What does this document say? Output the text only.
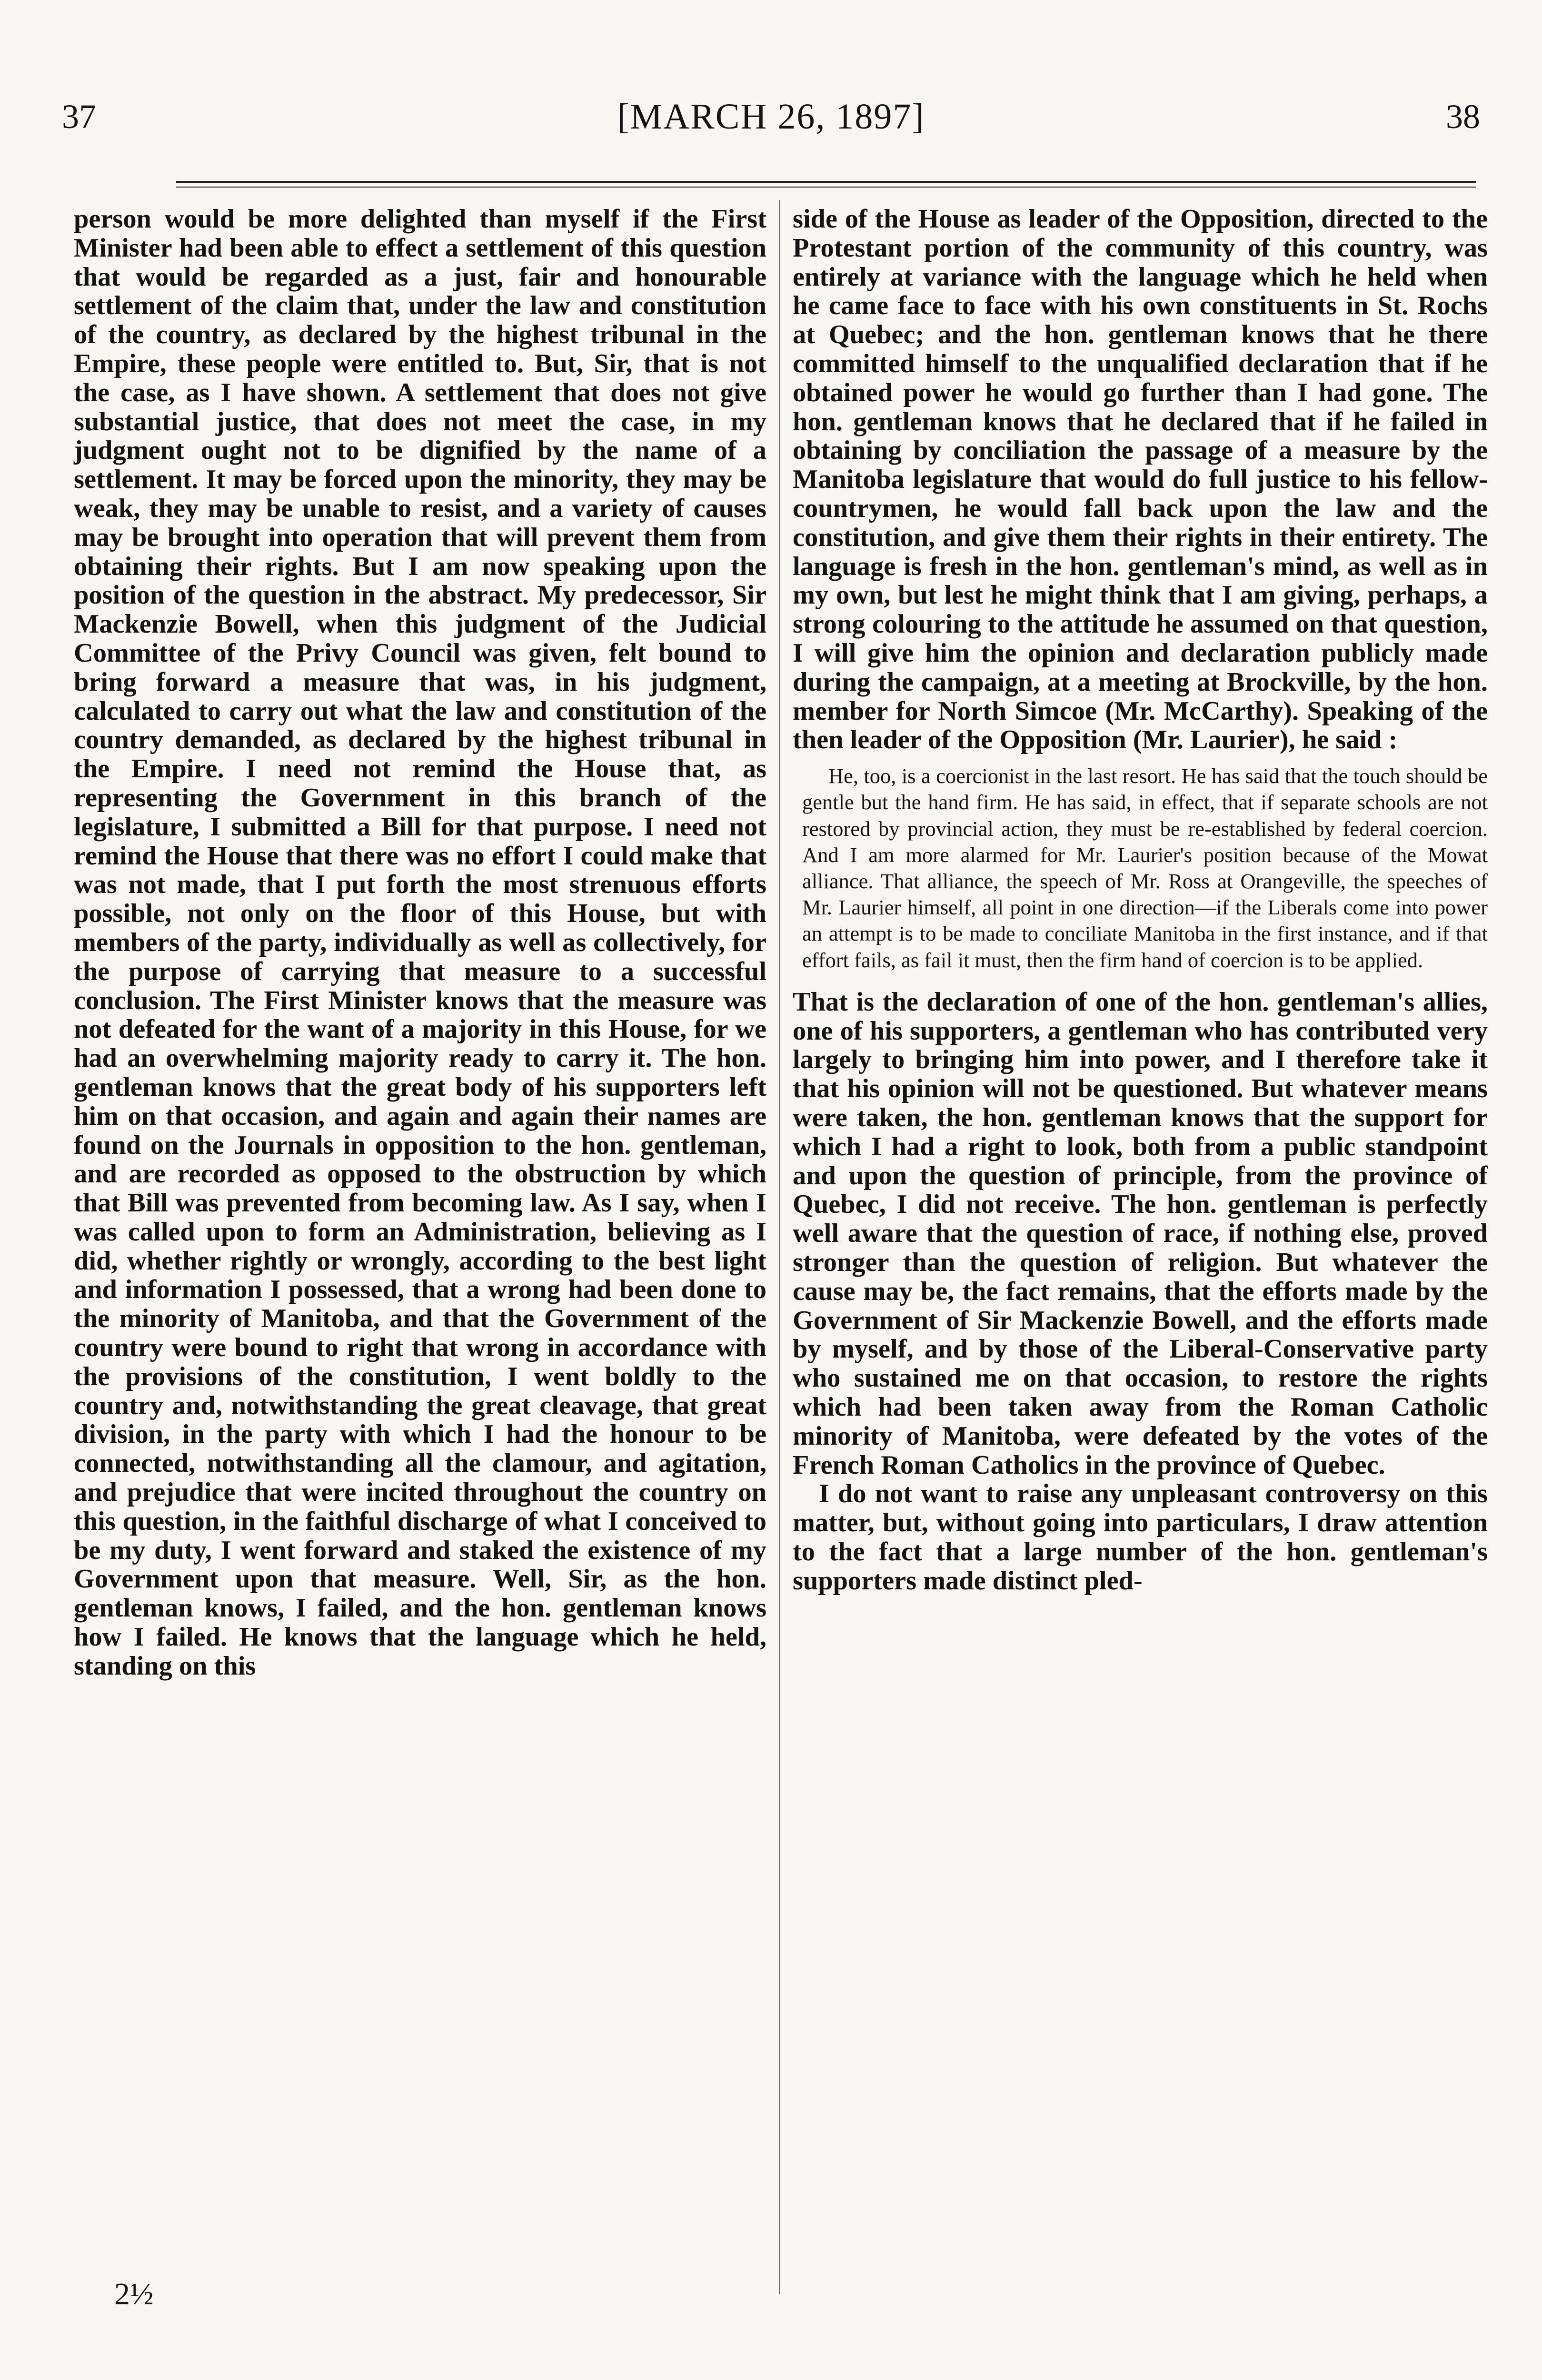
37	[MARCH 26, 1897]	38

person would be more delighted than myself if the First Minister had been able to effect a settlement of this question that would be regarded as a just, fair and honourable settlement of the claim that, under the law and constitution of the country, as declared by the highest tribunal in the Empire, these people were entitled to. But, Sir, that is not the case, as I have shown. A settlement that does not give substantial justice, that does not meet the case, in my judgment ought not to be dignified by the name of a settlement. It may be forced upon the minority, they may be weak, they may be unable to resist, and a variety of causes may be brought into operation that will prevent them from obtaining their rights. But I am now speaking upon the position of the question in the abstract. My predecessor, Sir Mackenzie Bowell, when this judgment of the Judicial Committee of the Privy Council was given, felt bound to bring forward a measure that was, in his judgment, calculated to carry out what the law and constitution of the country demanded, as declared by the highest tribunal in the Empire. I need not remind the House that, as representing the Government in this branch of the legislature, I submitted a Bill for that purpose. I need not remind the House that there was no effort I could make that was not made, that I put forth the most strenuous efforts possible, not only on the floor of this House, but with members of the party, individually as well as collectively, for the purpose of carrying that measure to a successful conclusion. The First Minister knows that the measure was not defeated for the want of a majority in this House, for we had an overwhelming majority ready to carry it. The hon. gentleman knows that the great body of his supporters left him on that occasion, and again and again their names are found on the Journals in opposition to the hon. gentleman, and are recorded as opposed to the obstruction by which that Bill was prevented from becoming law. As I say, when I was called upon to form an Administration, believing as I did, whether rightly or wrongly, according to the best light and information I possessed, that a wrong had been done to the minority of Manitoba, and that the Government of the country were bound to right that wrong in accordance with the provisions of the constitution, I went boldly to the country and, notwithstanding the great cleavage, that great division, in the party with which I had the honour to be connected, notwithstanding all the clamour, and agitation, and prejudice that were incited throughout the country on this question, in the faithful discharge of what I conceived to be my duty, I went forward and staked the existence of my Government upon that measure. Well, Sir, as the hon. gentleman knows, I failed, and the hon. gentleman knows how I failed. He knows that the language which he held, standing on this

side of the House as leader of the Opposition, directed to the Protestant portion of the community of this country, was entirely at variance with the language which he held when he came face to face with his own constituents in St. Rochs at Quebec; and the hon. gentleman knows that he there committed himself to the unqualified declaration that if he obtained power he would go further than I had gone. The hon. gentleman knows that he declared that if he failed in obtaining by conciliation the passage of a measure by the Manitoba legislature that would do full justice to his fellow-countrymen, he would fall back upon the law and the constitution, and give them their rights in their entirety. The language is fresh in the hon. gentleman's mind, as well as in my own, but lest he might think that I am giving, perhaps, a strong colouring to the attitude he assumed on that question, I will give him the opinion and declaration publicly made during the campaign, at a meeting at Brockville, by the hon. member for North Simcoe (Mr. McCarthy). Speaking of the then leader of the Opposition (Mr. Laurier), he said :

He, too, is a coercionist in the last resort. He has said that the touch should be gentle but the hand firm. He has said, in effect, that if separate schools are not restored by provincial action, they must be re-established by federal coercion. And I am more alarmed for Mr. Laurier's position because of the Mowat alliance. That alliance, the speech of Mr. Ross at Orangeville, the speeches of Mr. Laurier himself, all point in one direction—if the Liberals come into power an attempt is to be made to conciliate Manitoba in the first instance, and if that effort fails, as fail it must, then the firm hand of coercion is to be applied.

That is the declaration of one of the hon. gentleman's allies, one of his supporters, a gentleman who has contributed very largely to bringing him into power, and I therefore take it that his opinion will not be questioned. But whatever means were taken, the hon. gentleman knows that the support for which I had a right to look, both from a public standpoint and upon the question of principle, from the province of Quebec, I did not receive. The hon. gentleman is perfectly well aware that the question of race, if nothing else, proved stronger than the question of religion. But whatever the cause may be, the fact remains, that the efforts made by the Government of Sir Mackenzie Bowell, and the efforts made by myself, and by those of the Liberal-Conservative party who sustained me on that occasion, to restore the rights which had been taken away from the Roman Catholic minority of Manitoba, were defeated by the votes of the French Roman Catholics in the province of Quebec.

I do not want to raise any unpleasant controversy on this matter, but, without going into particulars, I draw attention to the fact that a large number of the hon. gentleman's supporters made distinct pled-

2½
